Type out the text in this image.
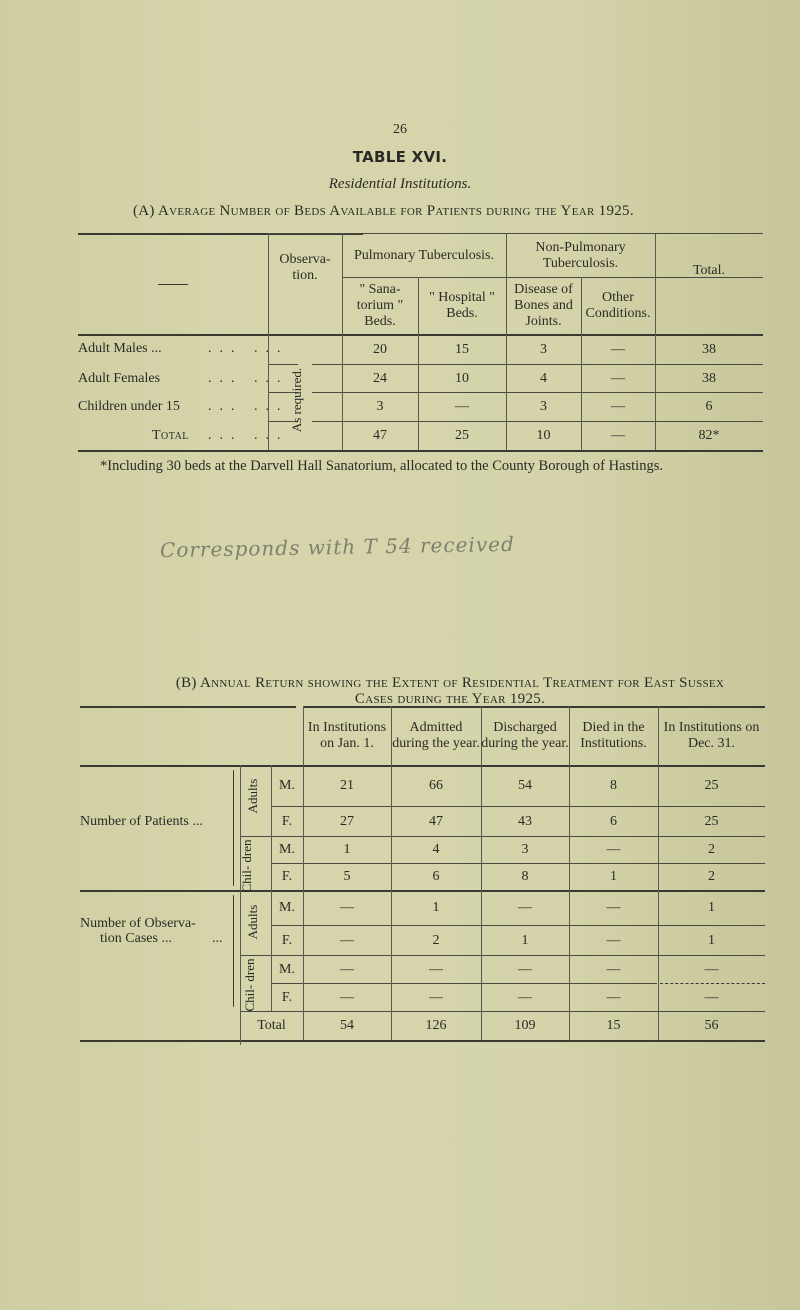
26
TABLE XVI.
Residential Institutions.
(A) Average Number of Beds Available for Patients during the Year 1925.
Observa- tion.
Pulmonary Tuberculosis.
" Sana- torium " Beds.
" Hospital " Beds.
Non-Pulmonary Tuberculosis.
Disease of Bones and Joints.
Other Conditions.
Total.
As required.
Adult Males ...	... ...	20	15	3	—	38
Adult Females	... ...	24	10	4	—	38
Children under 15 ... ...	3	—	3	—	6
Total ... ...	47	25	10	—	82*
*Including 30 beds at the Darvell Hall Sanatorium, allocated to the County Borough of Hastings.
Corresponds with T 54 received
(B) Annual Return showing the Extent of Residential Treatment for East Sussex
Cases during the Year 1925.
In Institutions on Jan. 1.
Admitted during the year.
Discharged during the year.
Died in the Institutions.
In Institutions on Dec. 31.
Number of Patients ...
Adults
Chil- dren
M.	21	66	54	8	25
F.	27	47	43	6	25
M.	1	4	3	—	2
F.	5	6	8	1	2
Number of Observa-
tion Cases ...	... Adults
Chil- dren
M.	—	1	—	—	1
F.	—	2	1	—	1
M.	—	—	—	—	—
F.	—	—	—	—	—
Total	54	126	109	15	56
